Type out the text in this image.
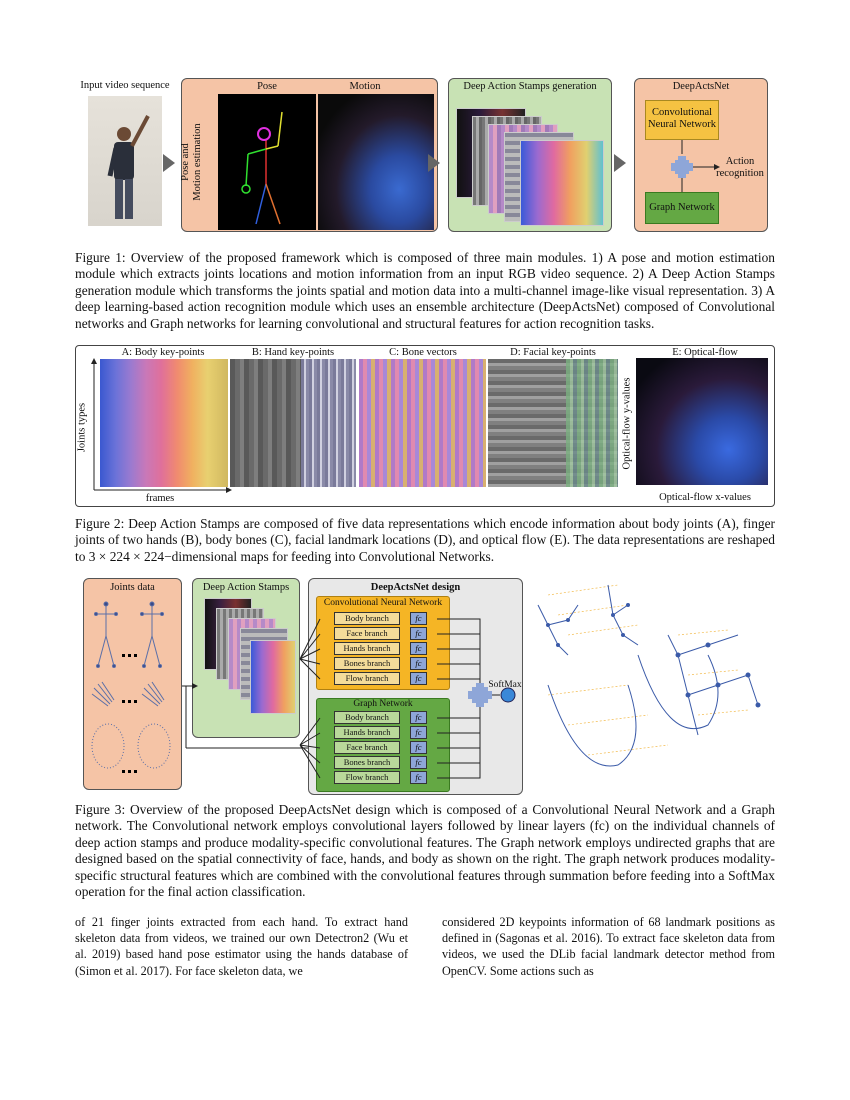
Input video sequence	Pose	Motion
Pose and Motion estimation
Deep Action Stamps generation	DeepActsNet
Convolutional
Neural Network
Graph Network
Action
recognition
Figure 1: Overview of the proposed framework which is composed of three main modules. 1) A pose and motion estimation module which extracts joints locations and motion information from an input RGB video sequence. 2) A Deep Action Stamps generation module which transforms the joints spatial and motion data into a multi-channel image-like visual representation. 3) A deep learning-based action recognition module which uses an ensemble architecture (DeepActsNet) composed of Convolutional networks and Graph networks for learning convolutional and structural features for action recognition tasks.
A: Body key-points	B: Hand key-points	C: Bone vectors	D: Facial key-points	E: Optical-flow
Joints types
frames
Optical-flow y-values
Optical-flow x-values
Figure 2: Deep Action Stamps are composed of five data representations which encode information about body joints (A), finger joints of two hands (B), body bones (C), facial landmark locations (D), and optical flow (E). The data representations are reshaped to 3 × 224 × 224−dimensional maps for feeding into Convolutional Networks.
Joints data	Deep Action Stamps	DeepActsNet design
Convolutional Neural Network
Graph Network
Body branch	fc
Face branch	fc
Hands branch	fc
Bones branch	fc
Flow branch	fc
Body branch	fc
Hands branch	fc
Face branch	fc
Bones branch	fc
Flow branch	fc
SoftMax
Figure 3: Overview of the proposed DeepActsNet design which is composed of a Convolutional Neural Network and a Graph network. The Convolutional network employs convolutional layers followed by linear layers (fc) on the individual channels of deep action stamps and produce modality-specific convolutional features. The Graph network employs undirected graphs that are designed based on the spatial connectivity of face, hands, and body as shown on the right. The graph network produces modality-specific structural features which are combined with the convolutional features through summation before feeding into a SoftMax operation for the final action classification.
of 21 finger joints extracted from each hand. To extract hand skeleton data from videos, we trained our own Detectron2 (Wu et al. 2019) based hand pose estimator using the hands database of (Simon et al. 2017). For face skeleton data, we
considered 2D keypoints information of 68 landmark positions as defined in (Sagonas et al. 2016). To extract face skeleton data from videos, we used the DLib facial landmark detector method from OpenCV. Some actions such as
